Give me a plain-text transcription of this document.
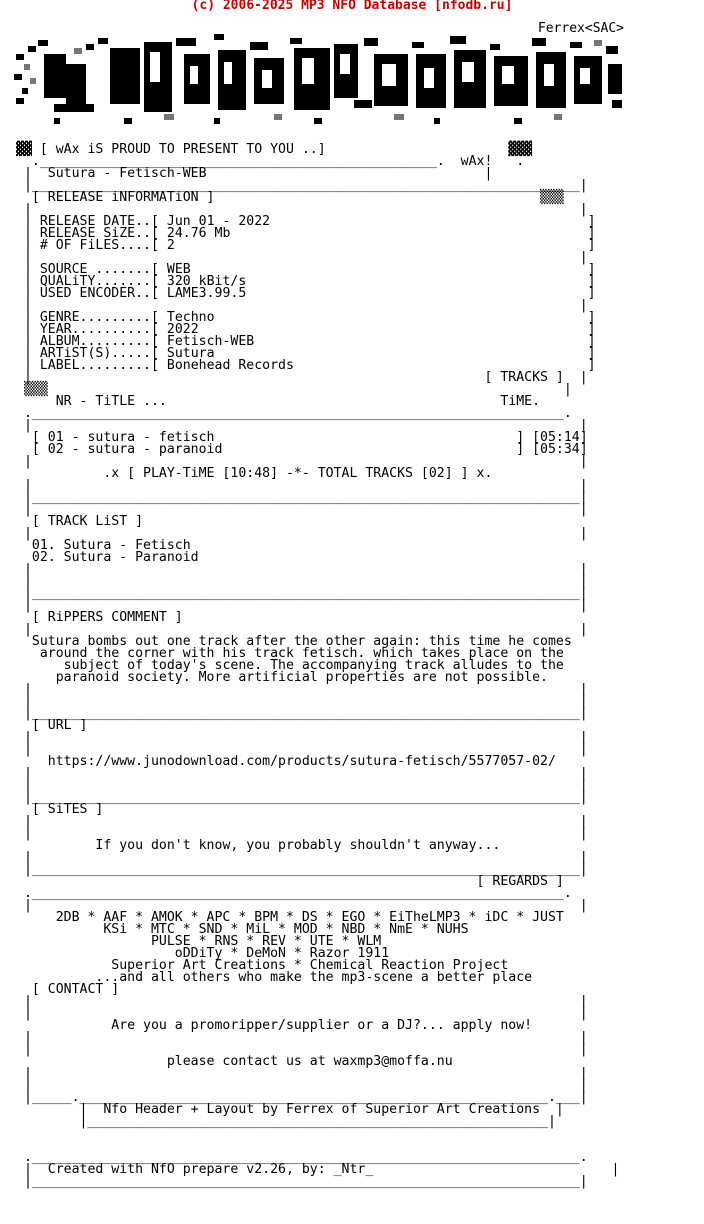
(c) 2006-2025 MP3 NFO Database [nfodb.ru]
Ferrex<SAC>

▓▓ [ wAx iS PROUD TO PRESENT TO YOU ..]                       ▓▓▓
.__________________________________________________.  wAx!   .
|  Sutura - Fetisch-WEB                                   |
|_____________________________________________________________________|
[ RELEASE iNFORMATiON ]                                         ▒▒▒
|                                                                     |
| RELEASE DATE..[ Jun 01 - 2022                                        ]
| RELEASE SiZE..[ 24.76 Mb                                             ]
| # OF FiLES....[ 2                                                    ]
|                                                                     |
| SOURCE .......[ WEB                                                  ]
| QUALiTY.......[ 320 kBit/s                                           ]
| USED ENCODER..[ LAME3.99.5                                           ]
|                                                                     |
| GENRE.........[ Techno                                               ]
| YEAR..........[ 2022                                                 ]
| ALBUM.........[ Fetisch-WEB                                          ]
| ARTiST(S).....[ Sutura                                               ]
| LABEL.........[ Bonehead Records                                     ]
|                                                         [ TRACKS ]  |
▒▒▒                                                                 |
NR - TiTLE ...	TiME.
.___________________________________________________________________.
|                                                                     |
[ 01 - sutura - fetisch	] [05:14]
[ 02 - sutura - paranoid	] [05:34]
|                                                                     |
.x [ PLAY-TiME [10:48] -*- TOTAL TRACKS [02] ] x.
|                                                                     |
|_____________________________________________________________________|
|                                                                     |
[ TRACK LiST ]
|                                                                     |
01. Sutura - Fetisch
02. Sutura - Paranoid
|                                                                     |
|                                                                     |
|_____________________________________________________________________|
|                                                                     |
[ RiPPERS COMMENT ]
|                                                                     |
Sutura bombs out one track after the other again: this time he comes
around the corner with his track fetisch. which takes place on the
subject of today's scene. The accompanying track alludes to the
paranoid society. More artificial properties are not possible.
|                                                                     |
|                                                                     |
|_____________________________________________________________________|
[ URL ]
|                                                                     |
|                                                                     |
https://www.junodownload.com/products/sutura-fetisch/5577057-02/
|                                                                     |
|                                                                     |
|_____________________________________________________________________|
[ SiTES ]
|                                                                     |
|                                                                     |
If you don't know, you probably shouldn't anyway...
|                                                                     |
|_____________________________________________________________________|
[ REGARDS ]
.___________________________________________________________________.
|                                                                     |
2DB * AAF * AMOK * APC * BPM * DS * EGO * EiTheLMP3 * iDC * JUST
KSi * MTC * SND * MiL * MOD * NBD * NmE * NUHS
PULSE * RNS * REV * UTE * WLM
oDDiTy * DeMoN * Razor 1911
Superior Art Creations * Chemical Reaction Project
...and all others who make the mp3-scene a better place
[ CONTACT ]
|                                                                     |
|                                                                     |
Are you a promoripper/supplier or a DJ?... apply now!
|                                                                     |
|                                                                     |
please contact us at waxmp3@moffa.nu
|                                                                     |
|                                                                     |
|_____.___________________________________________________________.___|
|  Nfo Header + Layout by Ferrex of Superior Art Creations  |
|__________________________________________________________|

._____________________________________________________________________.
|  Created with NfO prepare v2.26, by: _Ntr_                              |
|_____________________________________________________________________|
